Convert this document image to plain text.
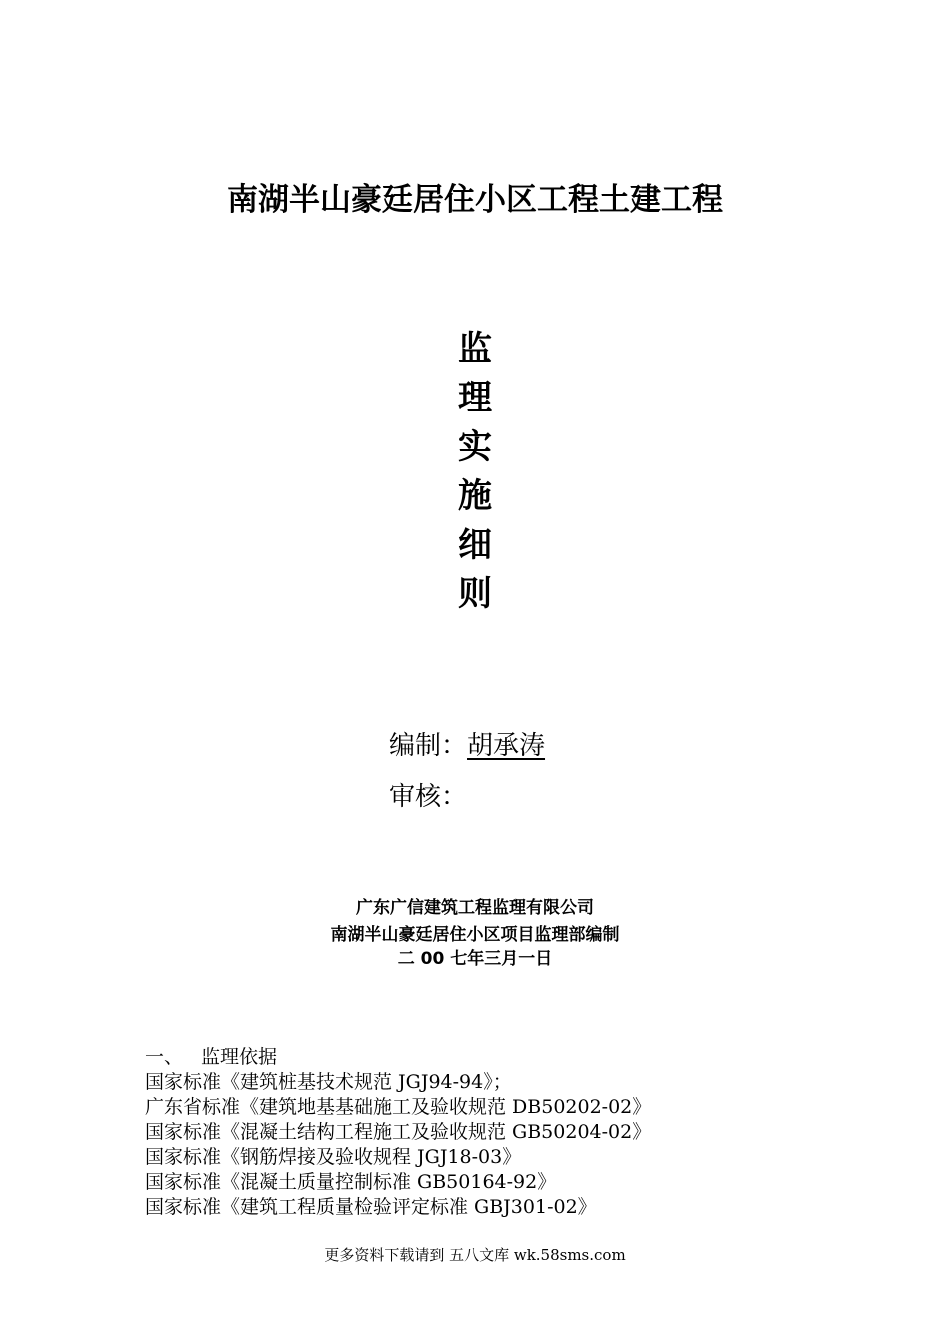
南湖半山豪廷居住小区工程土建工程
监
理
实
施
细
则
编制：胡承涛
审核：
广东广信建筑工程监理有限公司
南湖半山豪廷居住小区项目监理部编制
二 00 七年三月一日
一、 监理依据
国家标准《建筑桩基技术规范 JGJ94-94》；
广东省标准《建筑地基基础施工及验收规范 DB50202-02》
国家标准《混凝土结构工程施工及验收规范 GB50204-02》
国家标准《钢筋焊接及验收规程 JGJ18-03》
国家标准《混凝土质量控制标准 GB50164-92》
国家标准《建筑工程质量检验评定标准 GBJ301-02》
更多资料下载请到 五八文库 wk.58sms.com
